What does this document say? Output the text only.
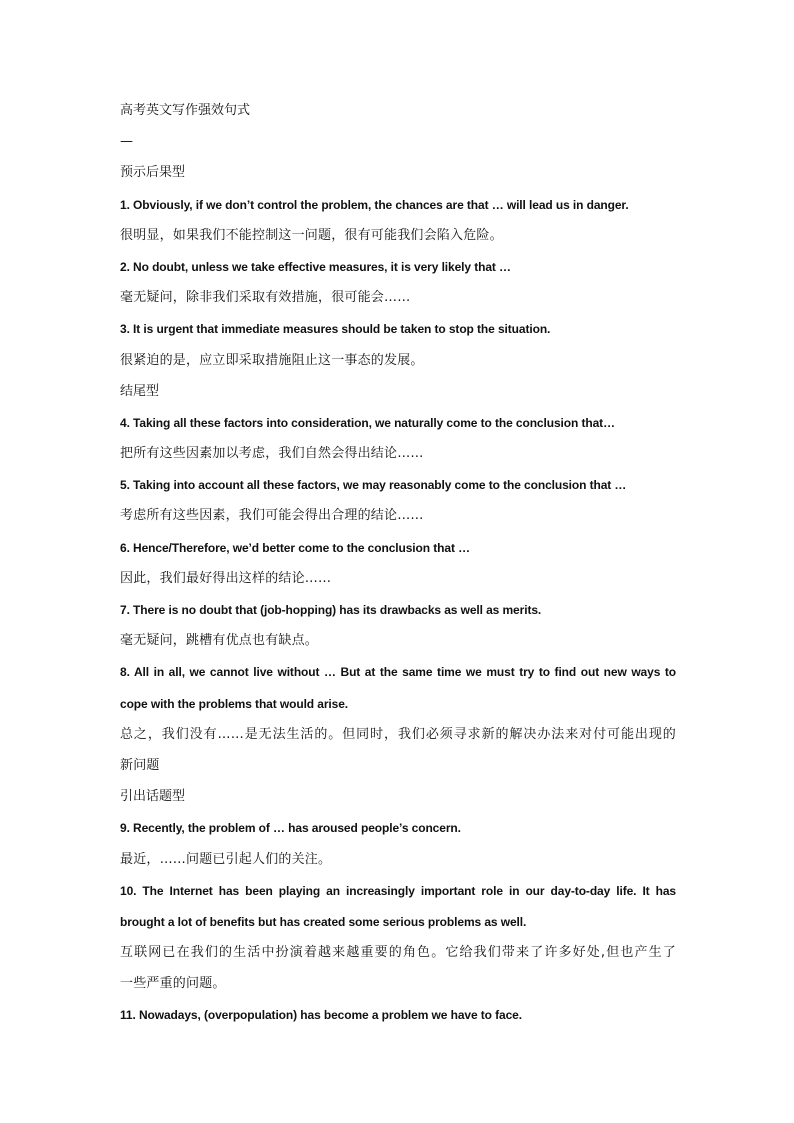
高考英文写作强效句式
—
预示后果型
1. Obviously, if we don’t control the problem, the chances are that … will lead us in danger.
很明显，如果我们不能控制这一问题，很有可能我们会陷入危险。
2. No doubt, unless we take effective measures, it is very likely that …
毫无疑问，除非我们采取有效措施，很可能会……
3. It is urgent that immediate measures should be taken to stop the situation.
很紧迫的是，应立即采取措施阻止这一事态的发展。
结尾型
4. Taking all these factors into consideration, we naturally come to the conclusion that…
把所有这些因素加以考虑，我们自然会得出结论……
5. Taking into account all these factors, we may reasonably come to the conclusion that …
考虑所有这些因素，我们可能会得出合理的结论……
6. Hence/Therefore, we’d better come to the conclusion that …
因此，我们最好得出这样的结论……
7. There is no doubt that (job-hopping) has its drawbacks as well as merits.
毫无疑问，跳槽有优点也有缺点。
8. All in all, we cannot live without … But at the same time we must try to find out new ways to
cope with the problems that would arise.
总之，我们没有……是无法生活的。但同时，我们必须寻求新的解决办法来对付可能出现的
新问题
引出话题型
9. Recently, the problem of … has aroused people’s concern.
最近，……问题已引起人们的关注。
10. The Internet has been playing an increasingly important role in our day-to-day life. It has
brought a lot of benefits but has created some serious problems as well.
互联网已在我们的生活中扮演着越来越重要的角色。它给我们带来了许多好处,但也产生了
一些严重的问题。
11. Nowadays, (overpopulation) has become a problem we have to face.
